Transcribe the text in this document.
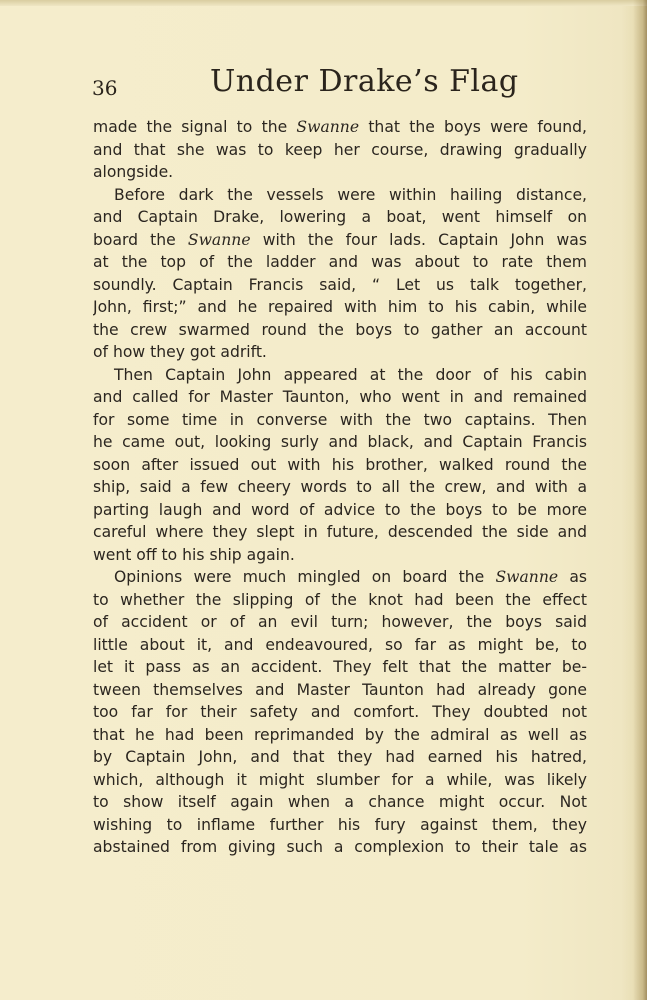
36	Under Drake’s Flag
made the signal to the Swanne that the boys were found,
and that she was to keep her course, drawing gradually
alongside.
Before dark the vessels were within hailing distance,
and Captain Drake, lowering a boat, went himself on
board the Swanne with the four lads. Captain John was
at the top of the ladder and was about to rate them
soundly. Captain Francis said, “ Let us talk together,
John, first;” and he repaired with him to his cabin, while
the crew swarmed round the boys to gather an account
of how they got adrift.
Then Captain John appeared at the door of his cabin
and called for Master Taunton, who went in and remained
for some time in converse with the two captains. Then
he came out, looking surly and black, and Captain Francis
soon after issued out with his brother, walked round the
ship, said a few cheery words to all the crew, and with a
parting laugh and word of advice to the boys to be more
careful where they slept in future, descended the side and
went off to his ship again.
Opinions were much mingled on board the Swanne as
to whether the slipping of the knot had been the effect
of accident or of an evil turn; however, the boys said
little about it, and endeavoured, so far as might be, to
let it pass as an accident. They felt that the matter be-
tween themselves and Master Taunton had already gone
too far for their safety and comfort. They doubted not
that he had been reprimanded by the admiral as well as
by Captain John, and that they had earned his hatred,
which, although it might slumber for a while, was likely
to show itself again when a chance might occur. Not
wishing to inflame further his fury against them, they
abstained from giving such a complexion to their tale as
